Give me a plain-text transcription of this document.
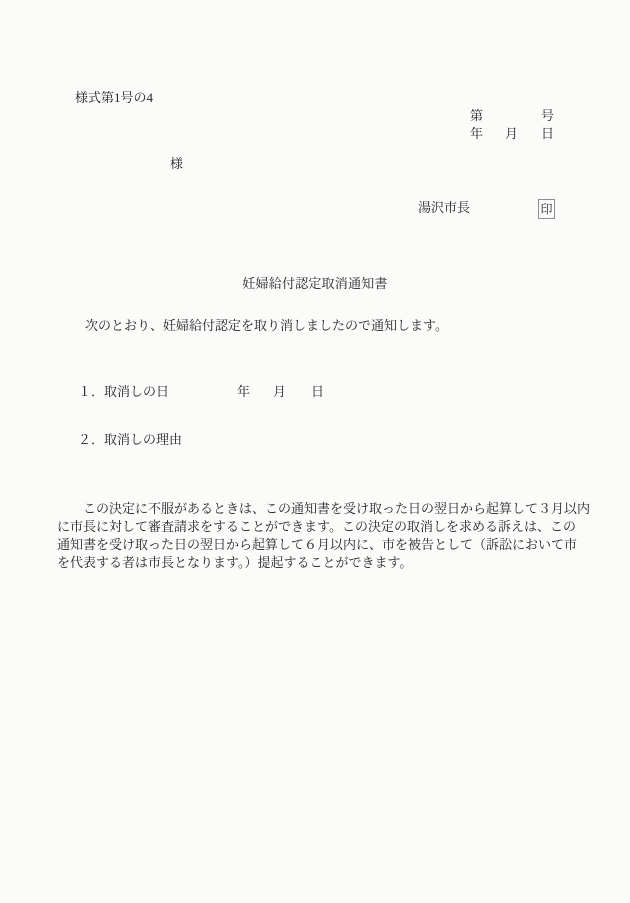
様式第1号の4
第	号
年 月 日
様
湯沢市長	印
妊婦給付認定取消通知書
次のとおり、妊婦給付認定を取り消しましたので通知します。
１．取消しの日	年 月 日
２．取消しの理由
　　この決定に不服があるときは、この通知書を受け取った日の翌日から起算して３月以内
に市長に対して審査請求をすることができます。この決定の取消しを求める訴えは、この
通知書を受け取った日の翌日から起算して６月以内に、市を被告として（訴訟において市
を代表する者は市長となります。）提起することができます。
